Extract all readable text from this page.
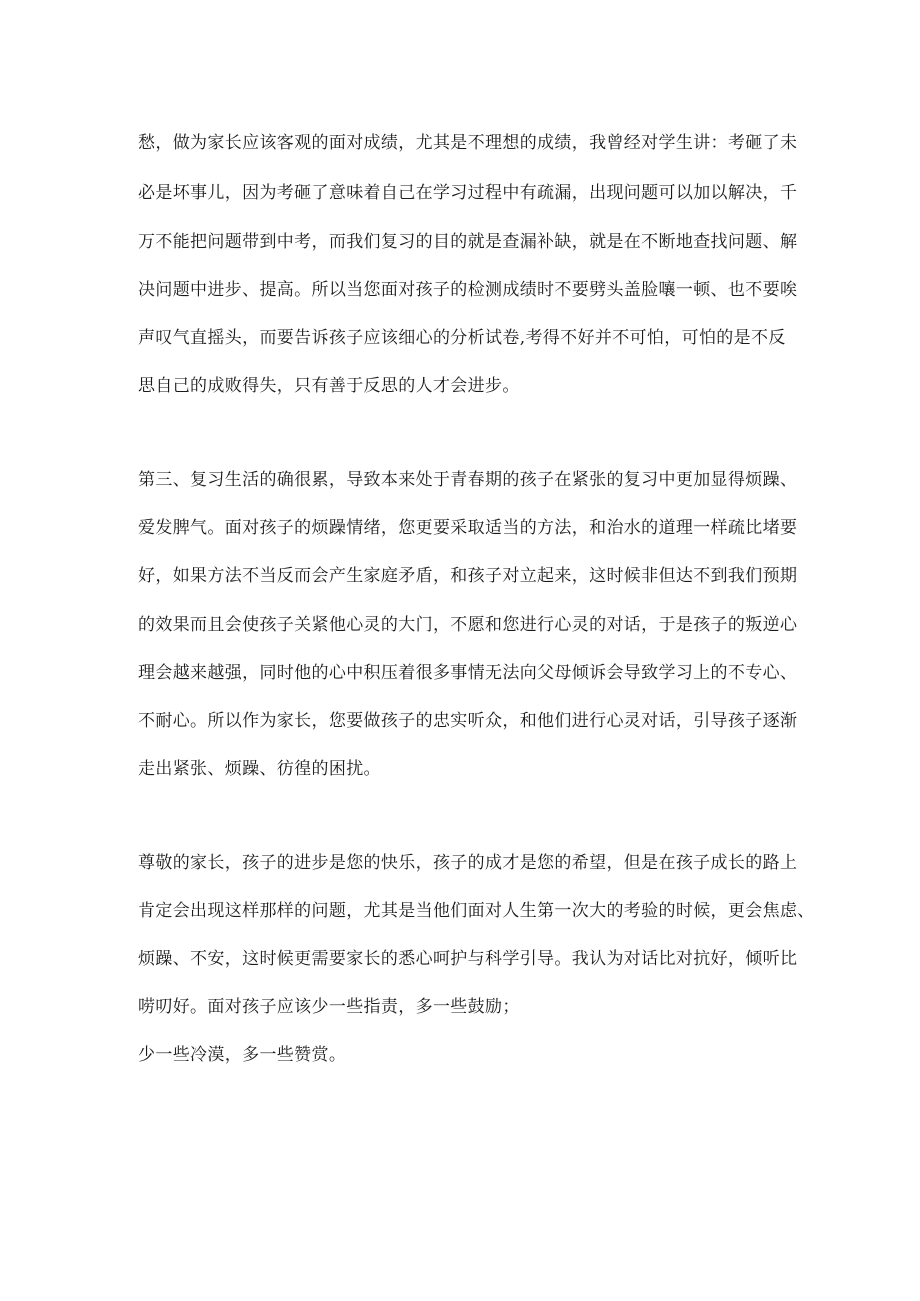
愁，做为家长应该客观的面对成绩，尤其是不理想的成绩，我曾经对学生讲：考砸了未
必是坏事儿，因为考砸了意味着自己在学习过程中有疏漏，出现问题可以加以解决，千
万不能把问题带到中考，而我们复习的目的就是查漏补缺，就是在不断地查找问题、解
决问题中进步、提高。所以当您面对孩子的检测成绩时不要劈头盖脸嚷一顿、也不要唉
声叹气直摇头，而要告诉孩子应该细心的分析试卷,考得不好并不可怕，可怕的是不反
思自己的成败得失，只有善于反思的人才会进步。
第三、复习生活的确很累，导致本来处于青春期的孩子在紧张的复习中更加显得烦躁、
爱发脾气。面对孩子的烦躁情绪，您更要采取适当的方法，和治水的道理一样疏比堵要
好，如果方法不当反而会产生家庭矛盾，和孩子对立起来，这时候非但达不到我们预期
的效果而且会使孩子关紧他心灵的大门，不愿和您进行心灵的对话，于是孩子的叛逆心
理会越来越强，同时他的心中积压着很多事情无法向父母倾诉会导致学习上的不专心、
不耐心。所以作为家长，您要做孩子的忠实听众，和他们进行心灵对话，引导孩子逐渐
走出紧张、烦躁、彷徨的困扰。
尊敬的家长，孩子的进步是您的快乐，孩子的成才是您的希望，但是在孩子成长的路上
肯定会出现这样那样的问题，尤其是当他们面对人生第一次大的考验的时候，更会焦虑、
烦躁、不安，这时候更需要家长的悉心呵护与科学引导。我认为对话比对抗好，倾听比
唠叨好。面对孩子应该少一些指责，多一些鼓励；
少一些冷漠，多一些赞赏。
